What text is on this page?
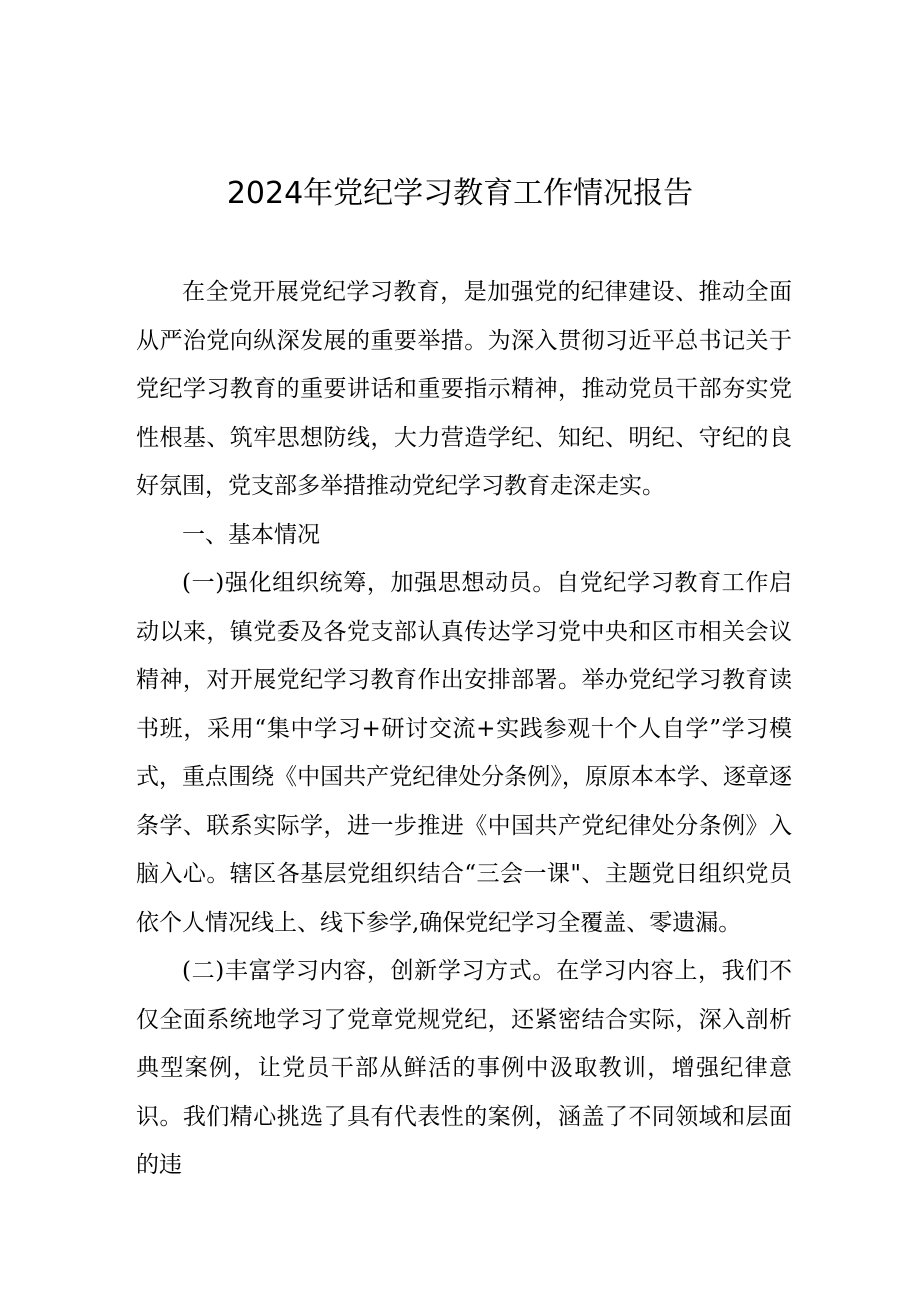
2024年党纪学习教育工作情况报告

在全党开展党纪学习教育，是加强党的纪律建设、推动全面从严治党向纵深发展的重要举措。为深入贯彻习近平总书记关于党纪学习教育的重要讲话和重要指示精神，推动党员干部夯实党性根基、筑牢思想防线，大力营造学纪、知纪、明纪、守纪的良好氛围，党支部多举措推动党纪学习教育走深走实。

一、基本情况

(一)强化组织统筹，加强思想动员。自党纪学习教育工作启动以来，镇党委及各党支部认真传达学习党中央和区市相关会议精神，对开展党纪学习教育作出安排部署。举办党纪学习教育读书班，采用“集中学习+研讨交流+实践参观十个人自学”学习模式，重点围绕《中国共产党纪律处分条例》，原原本本学、逐章逐条学、联系实际学，进一步推进《中国共产党纪律处分条例》入脑入心。辖区各基层党组织结合“三会一课"、主题党日组织党员依个人情况线上、线下参学,确保党纪学习全覆盖、零遗漏。

(二)丰富学习内容，创新学习方式。在学习内容上，我们不仅全面系统地学习了党章党规党纪，还紧密结合实际，深入剖析典型案例，让党员干部从鲜活的事例中汲取教训，增强纪律意识。我们精心挑选了具有代表性的案例，涵盖了不同领域和层面的违
